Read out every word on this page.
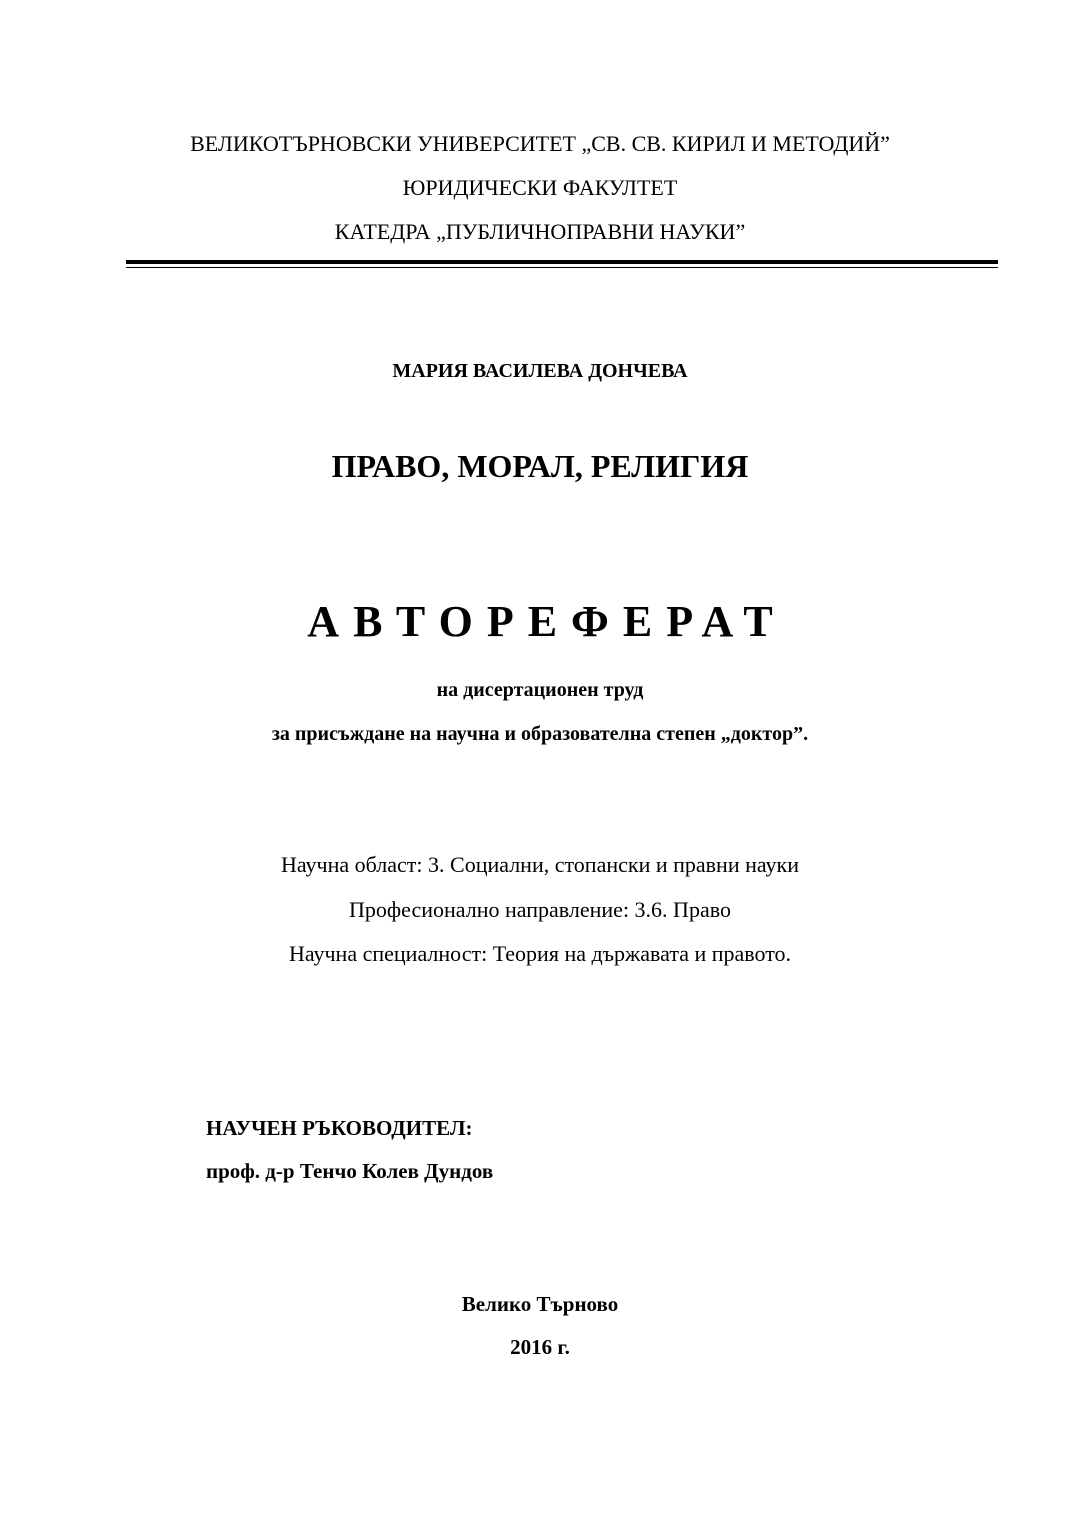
ВЕЛИКОТЪРНОВСКИ УНИВЕРСИТЕТ „СВ. СВ. КИРИЛ И МЕТОДИЙ”
ЮРИДИЧЕСКИ ФАКУЛТЕТ
КАТЕДРА „ПУБЛИЧНОПРАВНИ НАУКИ”
МАРИЯ ВАСИЛЕВА ДОНЧЕВА
ПРАВО, МОРАЛ, РЕЛИГИЯ
АВТОРЕФЕРАТ
на дисертационен труд
за присъждане на научна и образователна степен „доктор”.
Научна област: 3. Социални, стопански и правни науки
Професионално направление: 3.6. Право
Научна специалност: Теория на държавата и правото.
НАУЧЕН РЪКОВОДИТЕЛ:
проф. д-р Тенчо Колев Дундов
Велико Търново
2016 г.
